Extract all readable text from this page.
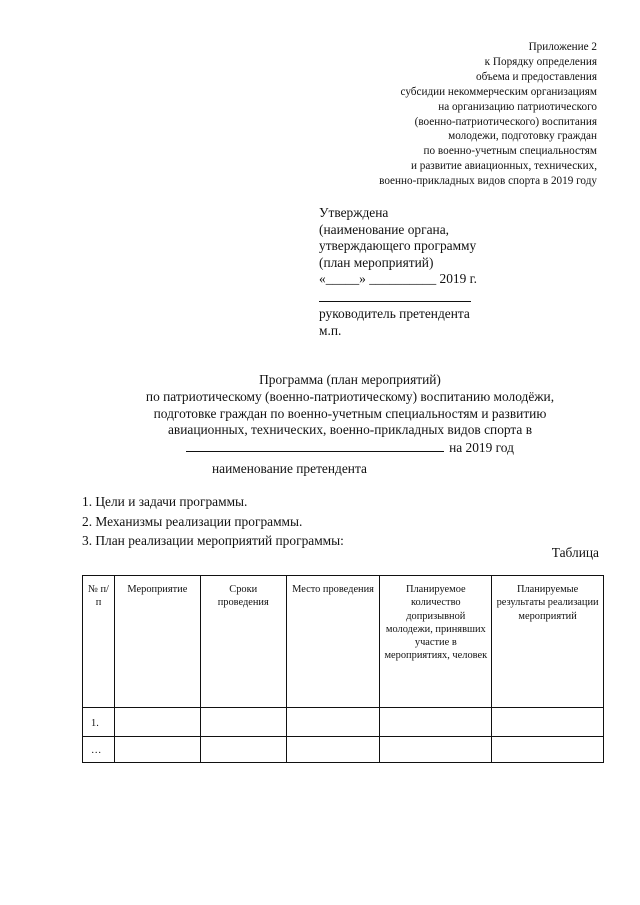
Приложение 2
к Порядку определения
объема и предоставления
субсидии некоммерческим организациям
на организацию патриотического
(военно-патриотического) воспитания
молодежи, подготовку граждан
по военно-учетным специальностям
и развитие авиационных, технических,
военно-прикладных видов спорта в 2019 году
Утверждена
(наименование органа,
утверждающего программу
(план мероприятий)
«_____» __________ 2019 г.
руководитель претендента
м.п.
Программа (план мероприятий)
по патриотическому (военно-патриотическому) воспитанию молодёжи,
подготовке граждан по военно-учетным специальностям и развитию
авиационных, технических, военно-прикладных видов спорта в
на 2019 год
наименование претендента
1. Цели и задачи программы.
2. Механизмы реализации программы.
3. План реализации мероприятий программы:
Таблица
№ п/п	Мероприятие	Сроки проведения	Место проведения	Планируемое количество допризывной молодежи, принявших участие в мероприятиях, человек	Планируемые результаты реализации мероприятий
1.					
…					
